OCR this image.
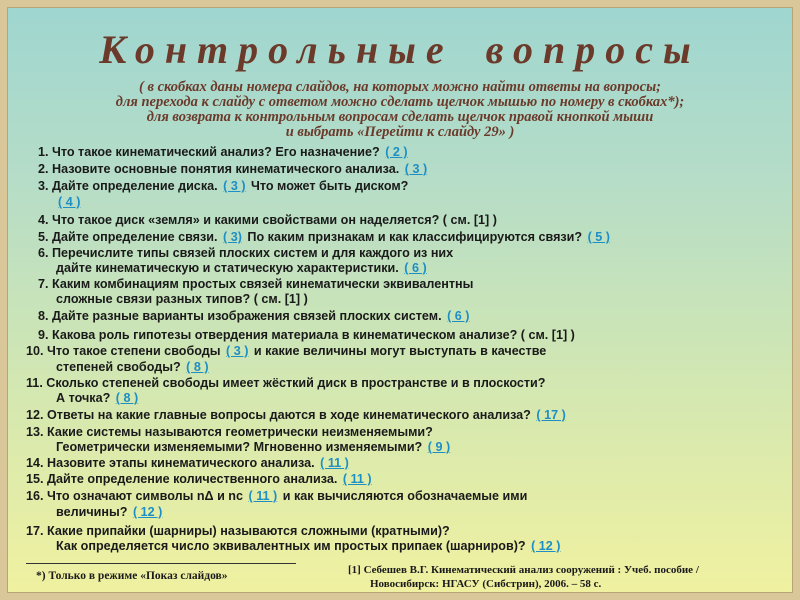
Контрольные вопросы
( в скобках даны номера слайдов, на которых можно найти ответы на вопросы;
для перехода к слайду с ответом можно сделать щелчок мышью по номеру в скобках*);
для возврата к контрольным вопросам сделать щелчок правой кнопкой мыши
и выбрать «Перейти к слайду 29» )
1. Что такое кинематический анализ? Его назначение? ( 2 )
2. Назовите основные понятия кинематического анализа. ( 3 )
3. Дайте определение диска. ( 3 ) Что может быть диском?
( 4 )
4. Что такое диск «земля» и какими свойствами он наделяется? ( см. [1] )
5. Дайте определение связи. ( 3) По каким признакам и как классифицируются связи? ( 5 )
6. Перечислите типы связей плоских систем и для каждого из них
дайте кинематическую и статическую характеристики. ( 6 )
7. Каким комбинациям простых связей кинематически эквивалентны
сложные связи разных типов? ( см. [1] )
8. Дайте разные варианты изображения связей плоских систем. ( 6 )
9. Какова роль гипотезы отвердения материала в кинематическом анализе? ( см. [1] )
10. Что такое степени свободы ( 3 ) и какие величины могут выступать в качестве
степеней свободы? ( 8 )
11. Сколько степеней свободы имеет жёсткий диск в пространстве и в плоскости?
А точка? ( 8 )
12. Ответы на какие главные вопросы даются в ходе кинематического анализа? ( 17 )
13. Какие системы называются геометрически неизменяемыми?
Геометрически изменяемыми? Мгновенно изменяемыми? ( 9 )
14. Назовите этапы кинематического анализа. ( 11 )
15. Дайте определение количественного анализа. ( 11 )
16. Что означают символы nΔ и nс ( 11 ) и как вычисляются обозначаемые ими
величины? ( 12 )
17. Какие припайки (шарниры) называются сложными (кратными)?
Как определяется число эквивалентных им простых припаек (шарниров)? ( 12 )
*) Только в режиме «Показ слайдов»	[1] Себешев В.Г. Кинематический анализ сооружений : Учеб. пособие /
Новосибирск: НГАСУ (Сибстрин), 2006. – 58 с.
